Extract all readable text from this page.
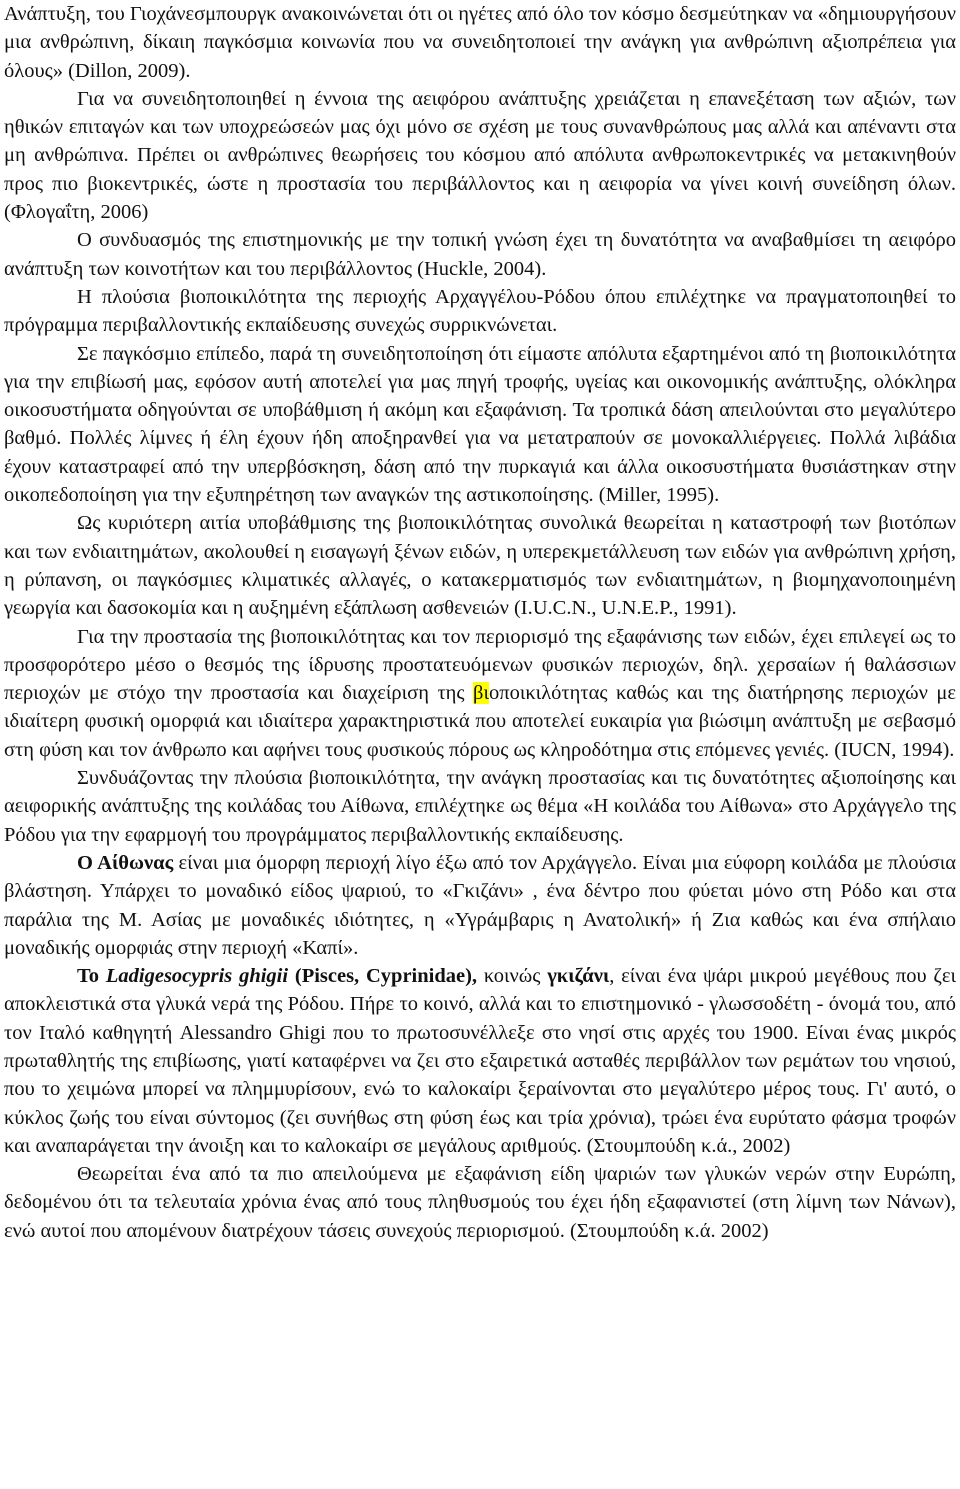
Ανάπτυξη, του Γιοχάνεσμπουργκ ανακοινώνεται ότι οι ηγέτες από όλο τον κόσμο δεσμεύτηκαν να «δημιουργήσουν μια ανθρώπινη, δίκαιη παγκόσμια κοινωνία που να συνειδητοποιεί την ανάγκη για ανθρώπινη αξιοπρέπεια για όλους» (Dillon, 2009).

Για να συνειδητοποιηθεί η έννοια της αειφόρου ανάπτυξης χρειάζεται η επανεξέταση των αξιών, των ηθικών επιταγών και των υποχρεώσεών μας όχι μόνο σε σχέση με τους συνανθρώπους μας αλλά και απέναντι στα μη ανθρώπινα. Πρέπει οι ανθρώπινες θεωρήσεις του κόσμου από απόλυτα ανθρωποκεντρικές να μετακινηθούν προς πιο βιοκεντρικές, ώστε η προστασία του περιβάλλοντος και η αειφορία να γίνει κοινή συνείδηση όλων. (Φλογαΐτη, 2006)

Ο συνδυασμός της επιστημονικής με την τοπική γνώση έχει τη δυνατότητα να αναβαθμίσει τη αειφόρο ανάπτυξη των κοινοτήτων και του περιβάλλοντος (Huckle, 2004).

Η πλούσια βιοποικιλότητα της περιοχής Αρχαγγέλου-Ρόδου όπου επιλέχτηκε να πραγματοποιηθεί το πρόγραμμα περιβαλλοντικής εκπαίδευσης συνεχώς συρρικνώνεται.

Σε παγκόσμιο επίπεδο, παρά τη συνειδητοποίηση ότι είμαστε απόλυτα εξαρτημένοι από τη βιοποικιλότητα για την επιβίωσή μας, εφόσον αυτή αποτελεί για μας πηγή τροφής, υγείας και οικονομικής ανάπτυξης, ολόκληρα οικοσυστήματα οδηγούνται σε υποβάθμιση ή ακόμη και εξαφάνιση. Τα τροπικά δάση απειλούνται στο μεγαλύτερο βαθμό. Πολλές λίμνες ή έλη έχουν ήδη αποξηρανθεί για να μετατραπούν σε μονοκαλλιέργειες. Πολλά λιβάδια έχουν καταστραφεί από την υπερβόσκηση, δάση από την πυρκαγιά και άλλα οικοσυστήματα θυσιάστηκαν στην οικοπεδοποίηση για την εξυπηρέτηση των αναγκών της αστικοποίησης. (Miller, 1995).

Ως κυριότερη αιτία υποβάθμισης της βιοποικιλότητας συνολικά θεωρείται η καταστροφή των βιοτόπων και των ενδιαιτημάτων, ακολουθεί η εισαγωγή ξένων ειδών, η υπερεκμετάλλευση των ειδών για ανθρώπινη χρήση, η ρύπανση, οι παγκόσμιες κλιματικές αλλαγές, ο κατακερματισμός των ενδιαιτημάτων, η βιομηχανοποιημένη γεωργία και δασοκομία και η αυξημένη εξάπλωση ασθενειών (I.U.C.N., U.N.E.P., 1991).

Για την προστασία της βιοποικιλότητας και τον περιορισμό της εξαφάνισης των ειδών, έχει επιλεγεί ως το προσφορότερο μέσο ο θεσμός της ίδρυσης προστατευόμενων φυσικών περιοχών, δηλ. χερσαίων ή θαλάσσιων περιοχών με στόχο την προστασία και διαχείριση της βιοποικιλότητας καθώς και της διατήρησης περιοχών με ιδιαίτερη φυσική ομορφιά και ιδιαίτερα χαρακτηριστικά που αποτελεί ευκαιρία για βιώσιμη ανάπτυξη με σεβασμό στη φύση και τον άνθρωπο και αφήνει τους φυσικούς πόρους ως κληροδότημα στις επόμενες γενιές. (IUCN, 1994).

Συνδυάζοντας την πλούσια βιοποικιλότητα, την ανάγκη προστασίας και τις δυνατότητες αξιοποίησης και αειφορικής ανάπτυξης της κοιλάδας του Αίθωνα, επιλέχτηκε ως θέμα «Η κοιλάδα του Αίθωνα» στο Αρχάγγελο της Ρόδου για την εφαρμογή του προγράμματος περιβαλλοντικής εκπαίδευσης.

Ο Αίθωνας είναι μια όμορφη περιοχή λίγο έξω από τον Αρχάγγελο. Είναι μια εύφορη κοιλάδα με πλούσια βλάστηση. Υπάρχει το μοναδικό είδος ψαριού, το «Γκιζάνι» , ένα δέντρο που φύεται μόνο στη Ρόδο και στα παράλια της Μ. Ασίας με μοναδικές ιδιότητες, η «Υγράμβαρις η Ανατολική» ή Ζια καθώς και ένα σπήλαιο μοναδικής ομορφιάς στην περιοχή «Καπί».

Το Ladigesocypris ghigii (Pisces, Cyprinidae), κοινώς γκιζάνι, είναι ένα ψάρι μικρού μεγέθους που ζει αποκλειστικά στα γλυκά νερά της Ρόδου. Πήρε το κοινό, αλλά και το επιστημονικό - γλωσσοδέτη - όνομά του, από τον Ιταλό καθηγητή Alessandro Ghigi που το πρωτοσυνέλλεξε στο νησί στις αρχές του 1900. Είναι ένας μικρός πρωταθλητής της επιβίωσης, γιατί καταφέρνει να ζει στο εξαιρετικά ασταθές περιβάλλον των ρεμάτων του νησιού, που το χειμώνα μπορεί να πλημμυρίσουν, ενώ το καλοκαίρι ξεραίνονται στο μεγαλύτερο μέρος τους. Γι' αυτό, ο κύκλος ζωής του είναι σύντομος (ζει συνήθως στη φύση έως και τρία χρόνια), τρώει ένα ευρύτατο φάσμα τροφών και αναπαράγεται την άνοιξη και το καλοκαίρι σε μεγάλους αριθμούς. (Στουμπούδη κ.ά., 2002)

Θεωρείται ένα από τα πιο απειλούμενα με εξαφάνιση είδη ψαριών των γλυκών νερών στην Ευρώπη, δεδομένου ότι τα τελευταία χρόνια ένας από τους πληθυσμούς του έχει ήδη εξαφανιστεί (στη λίμνη των Νάνων), ενώ αυτοί που απομένουν διατρέχουν τάσεις συνεχούς περιορισμού. (Στουμπούδη κ.ά. 2002)
